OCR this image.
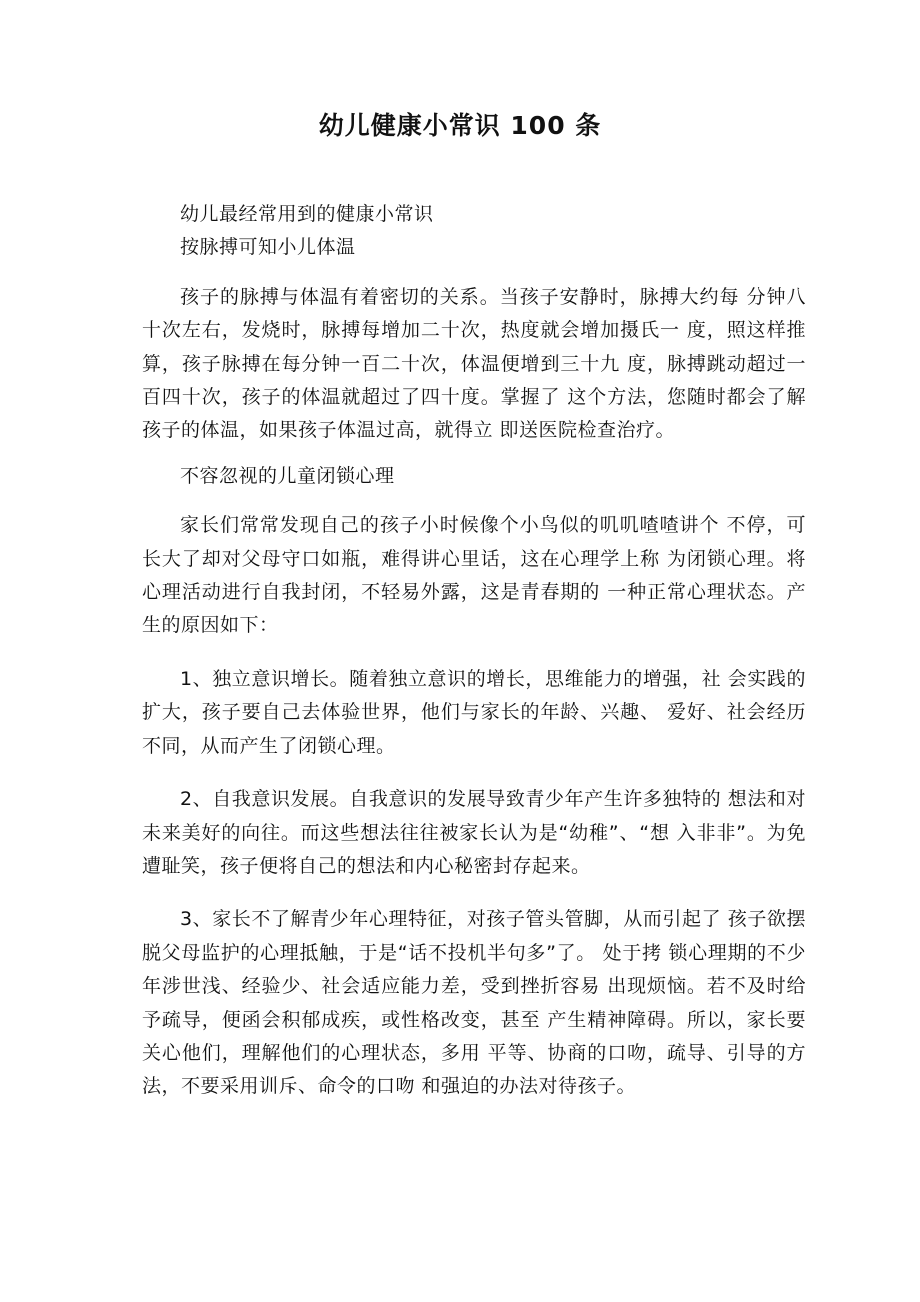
幼儿健康小常识 100 条

幼儿最经常用到的健康小常识

按脉搏可知小儿体温

孩子的脉搏与体温有着密切的关系。当孩子安静时，脉搏大约每 分钟八十次左右，发烧时，脉搏每增加二十次，热度就会增加摄氏一 度，照这样推算，孩子脉搏在每分钟一百二十次，体温便增到三十九 度，脉搏跳动超过一百四十次，孩子的体温就超过了四十度。掌握了 这个方法，您随时都会了解孩子的体温，如果孩子体温过高，就得立 即送医院检查治疗。

不容忽视的儿童闭锁心理

家长们常常发现自己的孩子小时候像个小鸟似的叽叽喳喳讲个 不停，可长大了却对父母守口如瓶，难得讲心里话，这在心理学上称 为闭锁心理。将心理活动进行自我封闭，不轻易外露，这是青春期的 一种正常心理状态。产生的原因如下：

1、独立意识增长。随着独立意识的增长，思维能力的增强，社 会实践的扩大，孩子要自己去体验世界，他们与家长的年龄、兴趣、 爱好、社会经历不同，从而产生了闭锁心理。

2、自我意识发展。自我意识的发展导致青少年产生许多独特的 想法和对未来美好的向往。而这些想法往往被家长认为是“幼稚”、“想 入非非”。为免遭耻笑，孩子便将自己的想法和内心秘密封存起来。

3、家长不了解青少年心理特征，对孩子管头管脚，从而引起了 孩子欲摆脱父母监护的心理抵触，于是“话不投机半句多”了。 处于拷 锁心理期的不少年涉世浅、经验少、社会适应能力差，受到挫折容易 出现烦恼。若不及时给予疏导，便函会积郁成疾，或性格改变，甚至 产生精神障碍。所以，家长要关心他们，理解他们的心理状态，多用 平等、协商的口吻，疏导、引导的方法，不要采用训斥、命令的口吻 和强迫的办法对待孩子。
